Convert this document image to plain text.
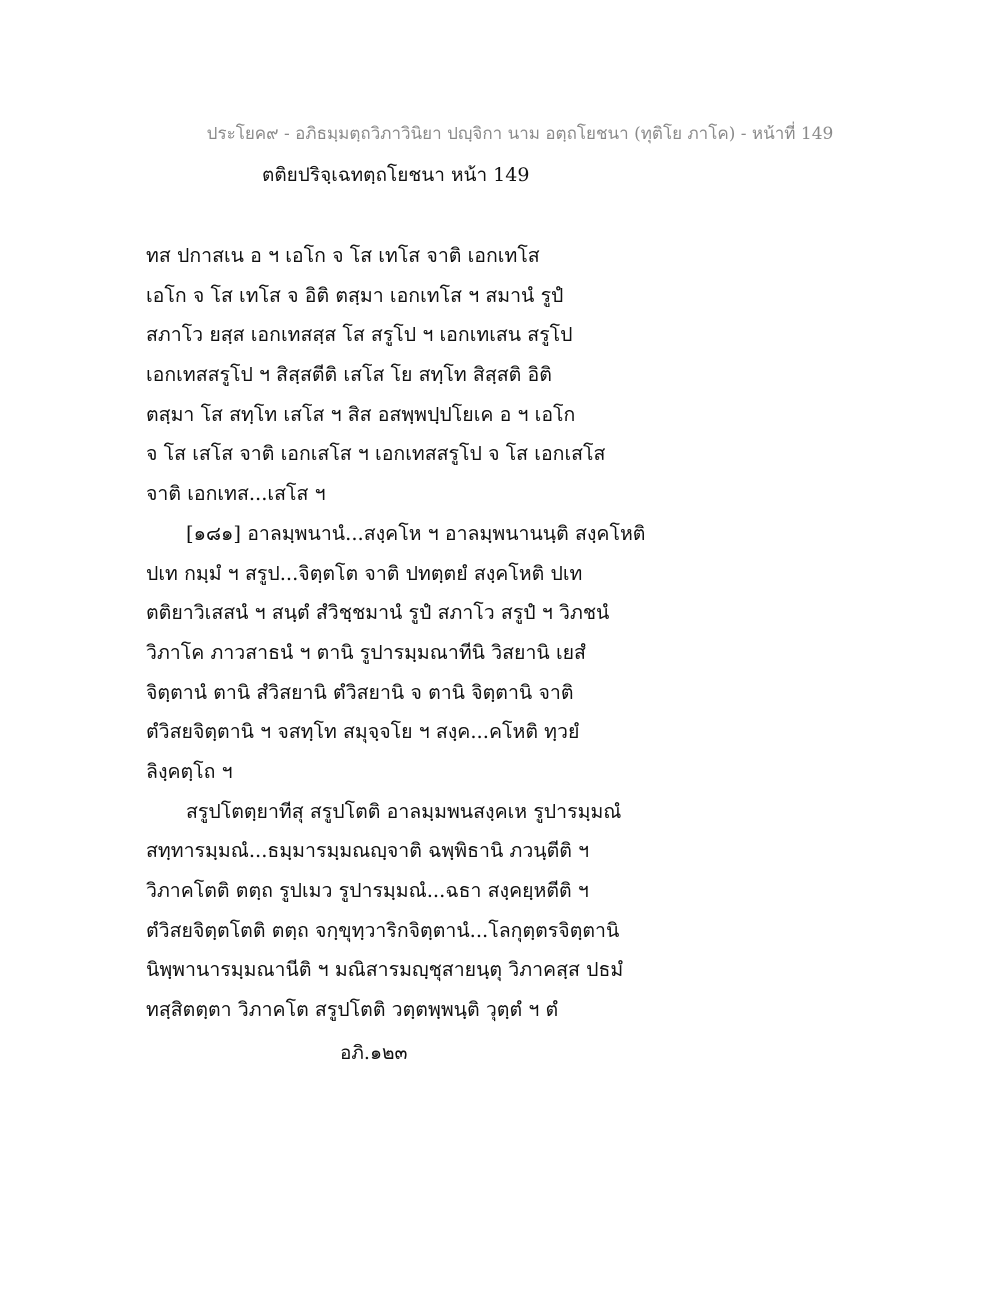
ประโยค๙ - อภิธมฺมตฺถวิภาวินิยา ปญฺจิกา นาม อตฺถโยชนา (ทุติโย ภาโค) - หน้าที่ 149
ตติยปริจฺเฉทตฺถโยชนา หน้า 149
ทส ปกาสเน อ ฯ เอโก จ โส เทโส จาติ เอกเทโส
เอโก จ โส เทโส จ อิติ ตสฺมา เอกเทโส ฯ สมานํ รูปํ
สภาโว ยสฺส เอกเทสสฺส โส สรูโป ฯ เอกเทเสน สรูโป
เอกเทสสรูโป ฯ สิสฺสตีติ เสโส โย สทฺโท สิสฺสติ อิติ
ตสฺมา โส สทฺโท เสโส ฯ สิส อสพฺพปฺปโยเค อ ฯ เอโก
จ โส เสโส จาติ เอกเสโส ฯ เอกเทสสรูโป จ โส เอกเสโส
จาติ เอกเทส...เสโส ฯ
[๑๘๑] อาลมฺพนานํ...สงฺคโห ฯ อาลมฺพนานนฺติ สงฺคโหติ
ปเท กมฺมํ ฯ สรูป...จิตฺตโต จาติ ปทตฺตยํ สงฺคโหติ ปเท
ตติยาวิเสสนํ ฯ สนฺตํ สํวิชฺชมานํ รูปํ สภาโว สรูปํ ฯ วิภชนํ
วิภาโค ภาวสาธนํ ฯ ตานิ รูปารมฺมณาทีนิ วิสยานิ เยสํ
จิตฺตานํ ตานิ สํวิสยานิ ตํวิสยานิ จ ตานิ จิตฺตานิ จาติ
ตํวิสยจิตฺตานิ ฯ จสทฺโท สมุจฺจโย ฯ สงฺค...คโหติ ทฺวยํ
ลิงฺคตฺโถ ฯ
สรูปโตตฺยาทีสุ สรูปโตติ อาลมฺมพนสงฺคเห รูปารมฺมณํ
สทฺทารมฺมณํ...ธมฺมารมฺมณญฺจาติ ฉพฺพิธานิ ภวนฺตีติ ฯ
วิภาคโตติ ตตฺถ รูปเมว รูปารมฺมณํ...ฉธา สงฺคยฺหตีติ ฯ
ตํวิสยจิตฺตโตติ ตตฺถ จกฺขุทฺวาริกจิตฺตานํ...โลกุตฺตรจิตฺตานิ
นิพฺพานารมฺมณานีติ ฯ มณิสารมญฺชุสายนฺตุ วิภาคสฺส ปธมํ
ทสฺสิตตฺตา วิภาคโต สรูปโตติ วตฺตพฺพนฺติ วุตฺตํ ฯ ตํ
อภิ.๑๒๓
